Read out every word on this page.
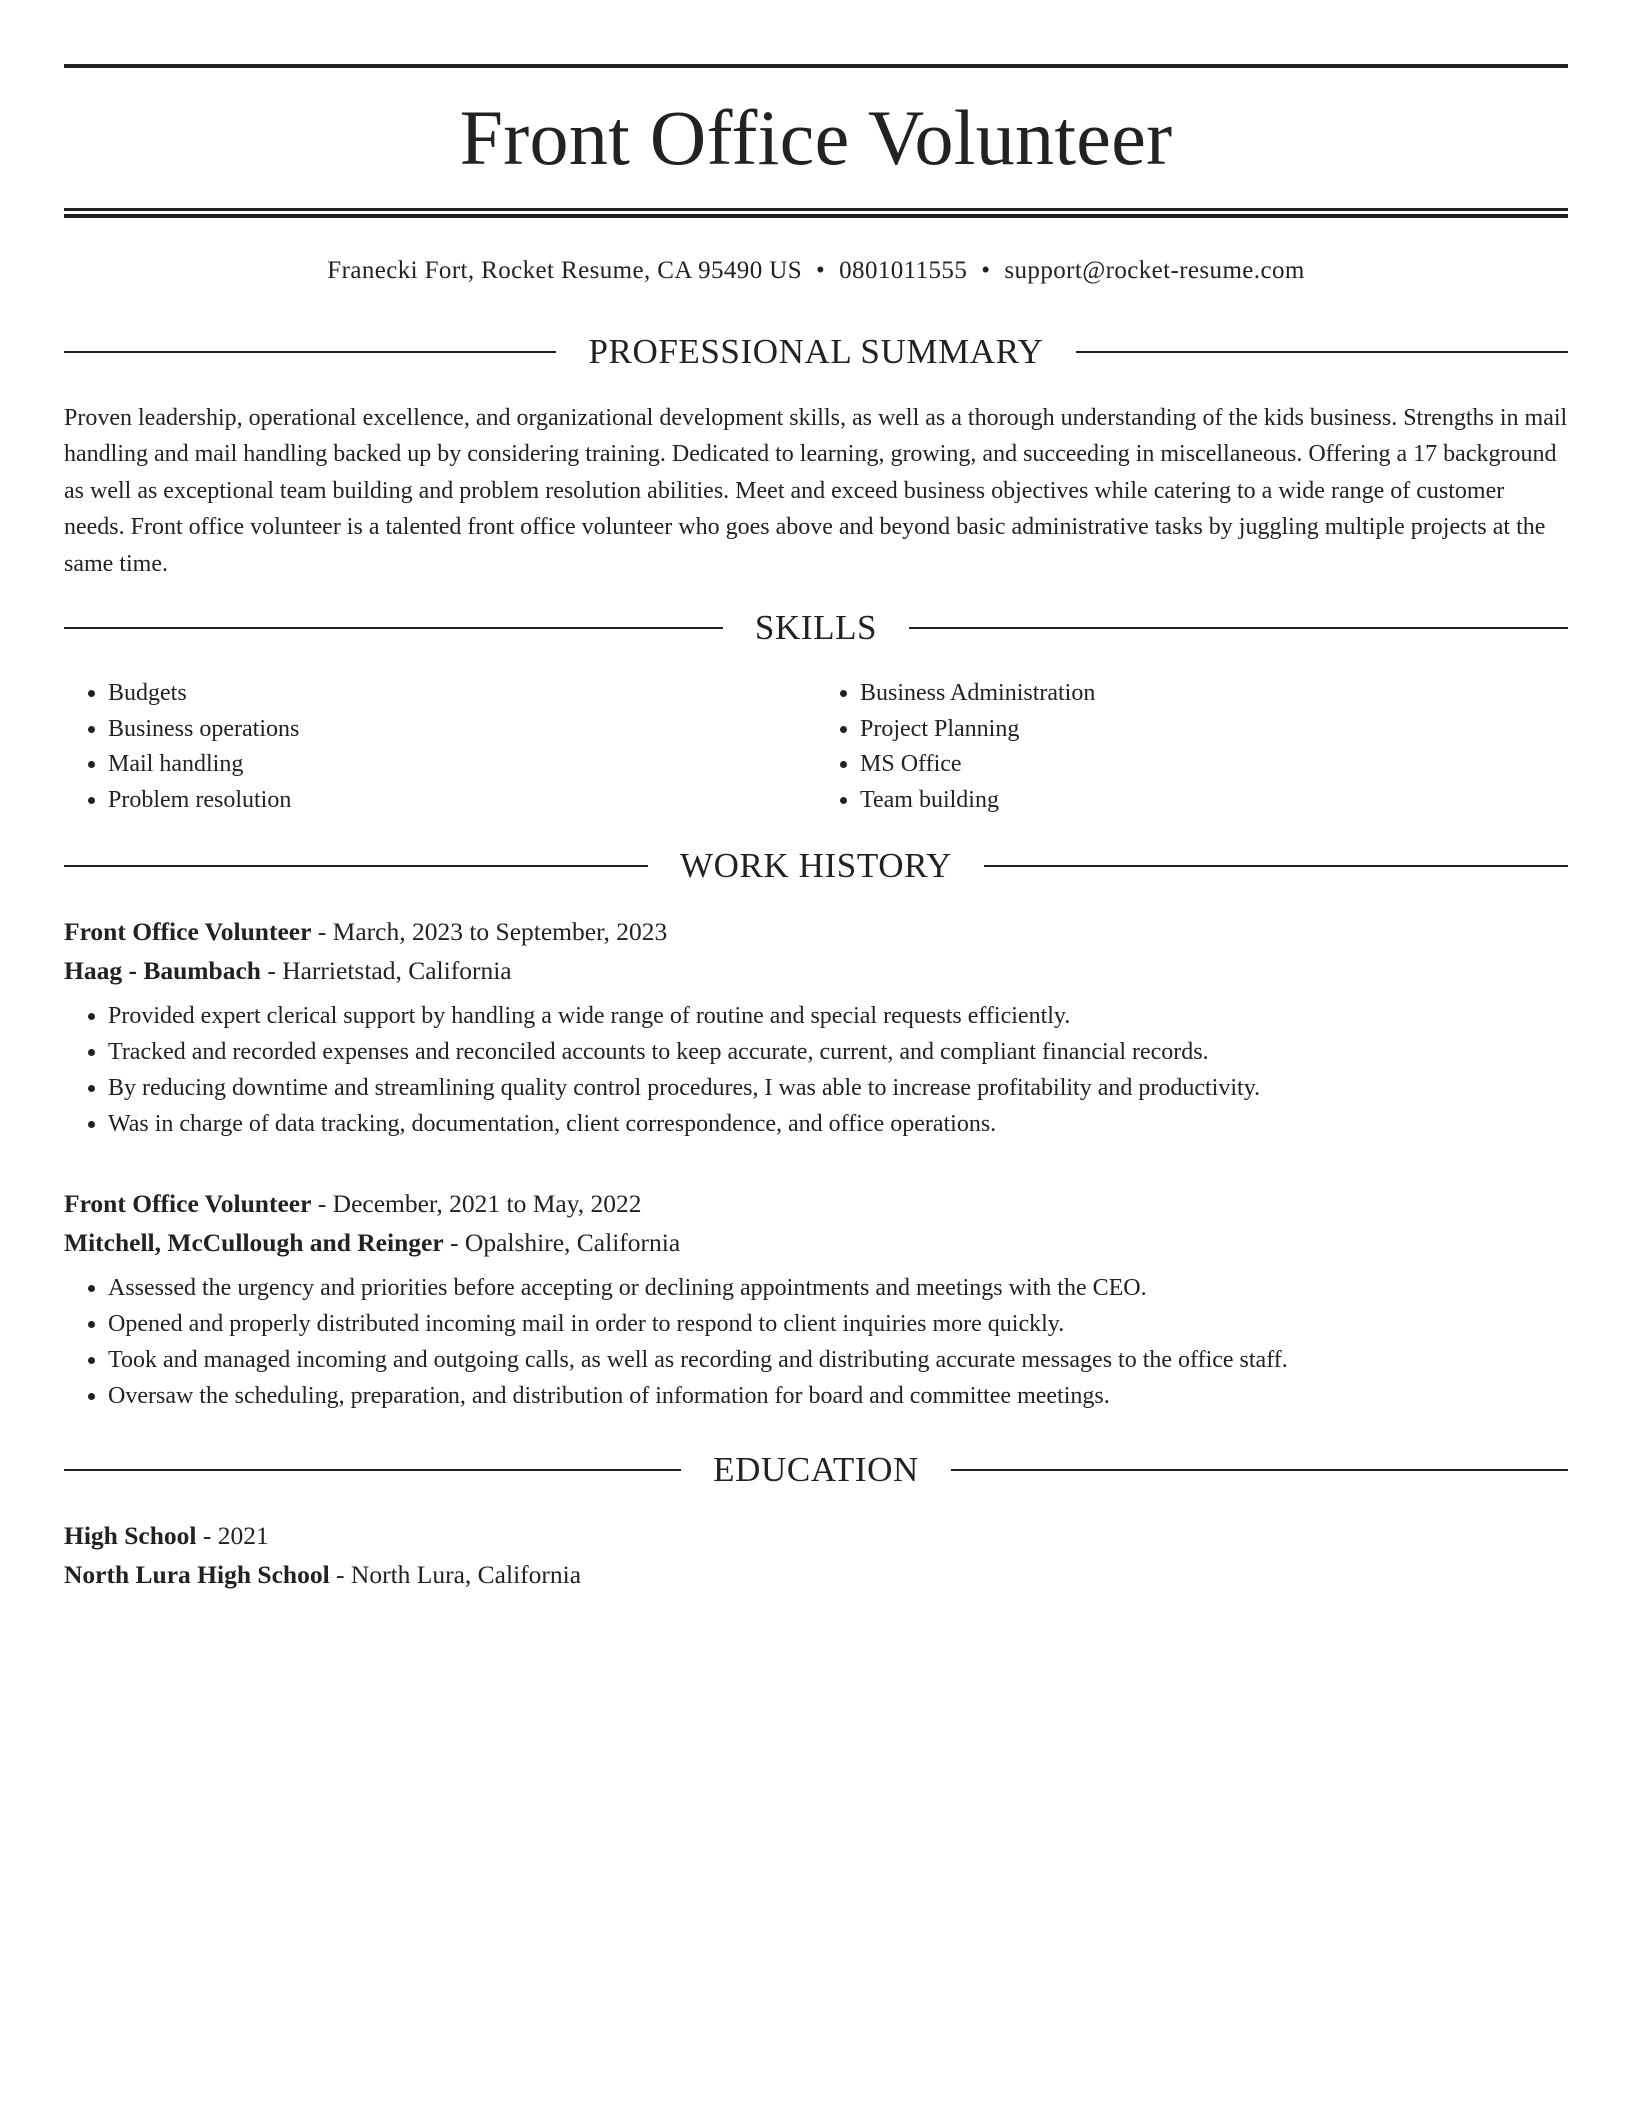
Front Office Volunteer
Franecki Fort, Rocket Resume, CA 95490 US • 0801011555 • support@rocket-resume.com
PROFESSIONAL SUMMARY

Proven leadership, operational excellence, and organizational development skills, as well as a thorough understanding of the kids business. Strengths in mail handling and mail handling backed up by considering training. Dedicated to learning, growing, and succeeding in miscellaneous. Offering a 17 background as well as exceptional team building and problem resolution abilities. Meet and exceed business objectives while catering to a wide range of customer needs. Front office volunteer is a talented front office volunteer who goes above and beyond basic administrative tasks by juggling multiple projects at the same time.

SKILLS
• Budgets
• Business operations
• Mail handling
• Problem resolution
• Business Administration
• Project Planning
• MS Office
• Team building
WORK HISTORY
Front Office Volunteer - March, 2023 to September, 2023
Haag - Baumbach - Harrietstad, California
• Provided expert clerical support by handling a wide range of routine and special requests efficiently.
• Tracked and recorded expenses and reconciled accounts to keep accurate, current, and compliant financial records.
• By reducing downtime and streamlining quality control procedures, I was able to increase profitability and productivity.
• Was in charge of data tracking, documentation, client correspondence, and office operations.
Front Office Volunteer - December, 2021 to May, 2022
Mitchell, McCullough and Reinger - Opalshire, California
• Assessed the urgency and priorities before accepting or declining appointments and meetings with the CEO.
• Opened and properly distributed incoming mail in order to respond to client inquiries more quickly.
• Took and managed incoming and outgoing calls, as well as recording and distributing accurate messages to the office staff.
• Oversaw the scheduling, preparation, and distribution of information for board and committee meetings.
EDUCATION
High School - 2021
North Lura High School - North Lura, California
